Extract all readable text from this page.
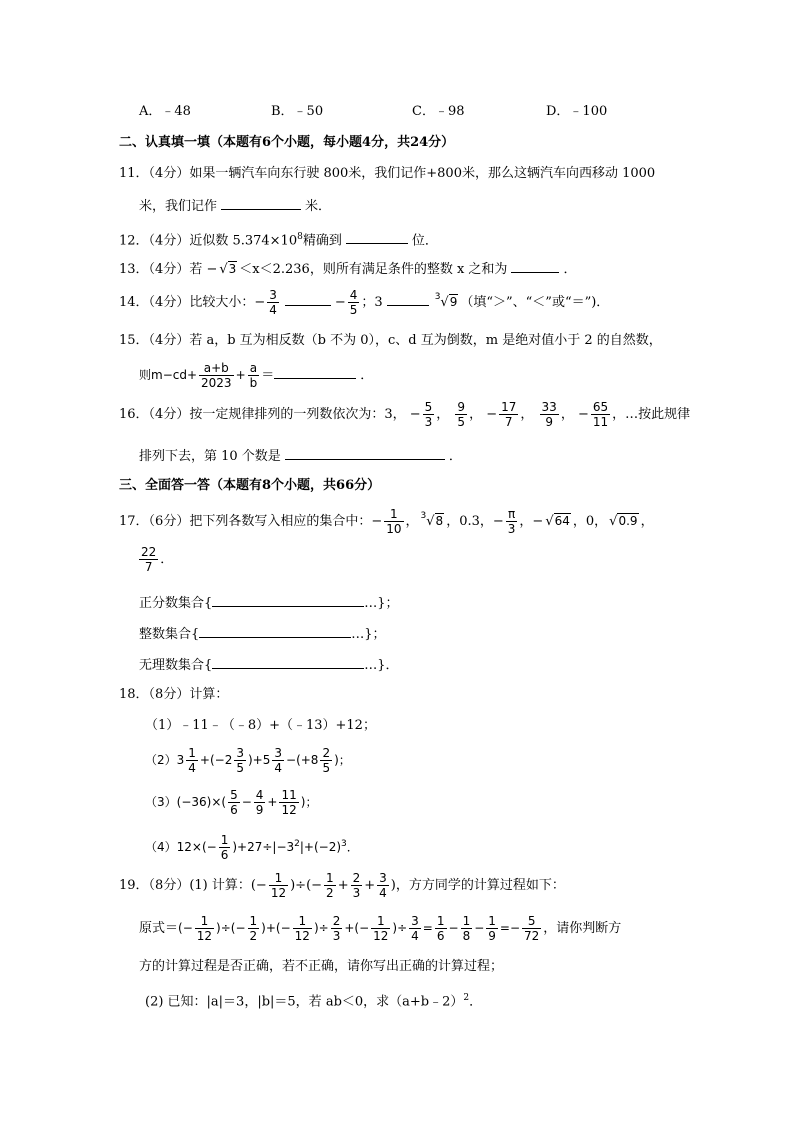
A．﹣48	B．﹣50	C．﹣98	D．﹣100
二、认真填一填（本题有6个小题，每小题4分，共24分）
11．（4分）如果一辆汽车向东行驶 800米，我们记作+800米，那么这辆汽车向西移动 1000
米，我们记作	米．
12．（4分）近似数 $5.374\times 10^8$精确到	位．
13．（4分）若 − √3 ＜x＜2.236，则所有满足条件的整数 x 之和为	．
14．（4分）比较大小：− $\frac{3}{4}$	− $\frac{4}{5}$ ；3	$^3$√9 （填“＞”、“＜”或“＝”)．
15．（4分）若 a，b 互为相反数（b 不为 0），c、d 互为倒数，m 是绝对值小于 2 的自然数，
则$m-cd+ \frac{a+b}{2023} + \frac{a}{b}$ ＝	．
16．（4分）按一定规律排列的一列数依次为：3， − $\frac{5}{3}$ ， $\frac{9}{5}$ ， − $\frac{17}{7}$ ， $\frac{33}{9}$ ， − $\frac{65}{11}$ ，…按此规律
排列下去，第 10 个数是	．
三、全面答一答（本题有8个小题，共66分）
17．（6分）把下列各数写入相应的集合中：− $\frac{1}{10}$ ， $^3$√8 ，0.3，− $\frac{\pi}{3}$ ，− √64 ，0， √0.9 ，
$\frac{22}{7}$ ．
正分数集合{	…}；
整数集合{	…}；
无理数集合{	…}．
18．（8分）计算：
（1）﹣11﹣（﹣8）+（﹣13）+12；
$(2)3 \frac{1}{4} +(-2 \frac{3}{5} )+5 \frac{3}{4} -(+8 \frac{2}{5}$ )；
$(3)(-36)\times( \frac{5}{6} - \frac{4}{9} + \frac{11}{12}$ )；
$(4)12\times(- \frac{1}{6} )+27\div|-3^2|+(-2)^3$．
19．（8分）(1) 计算：(− $\frac{1}{12}$ )÷(− $\frac{1}{2} + \frac{2}{3} + \frac{3}{4}$ )，方方同学的计算过程如下：
原式＝(− $\frac{1}{12}$ )÷(− $\frac{1}{2}$ )+(− $\frac{1}{12}$ )÷ $\frac{2}{3}$ +(− $\frac{1}{12}$ )÷ $\frac{3}{4} = \frac{1}{6} - \frac{1}{8} - \frac{1}{9} =- \frac{5}{72}$ ，请你判断方
方的计算过程是否正确，若不正确，请你写出正确的计算过程；
(2) 已知：|a|＝3，|b|＝5，若 ab＜0，求（a+b﹣2）$^2$．
